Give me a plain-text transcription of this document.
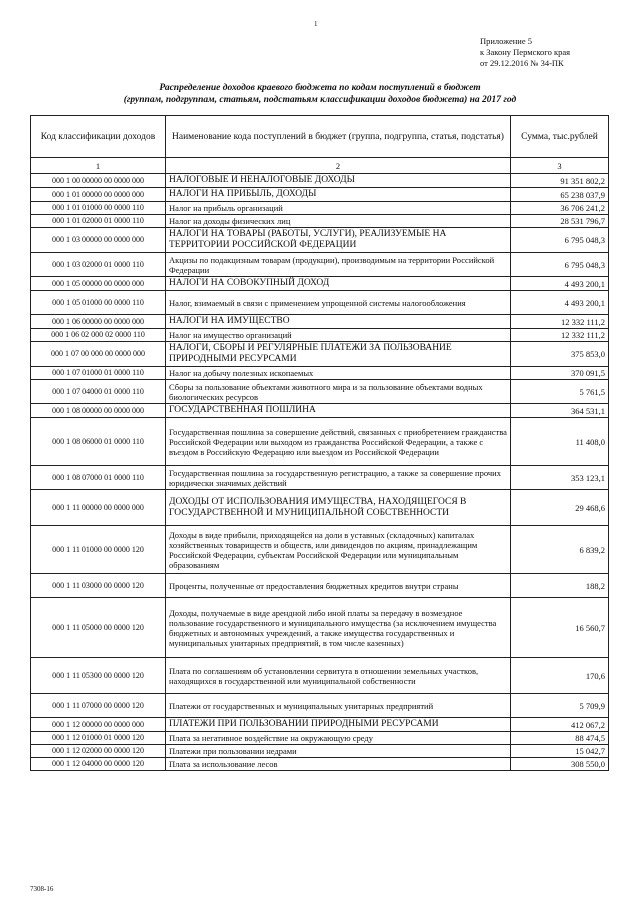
1
Приложение 5
к Закону Пермского края
от 29.12.2016 № 34-ПК
Распределение доходов краевого бюджета по кодам поступлений в бюджет
(группам, подгруппам, статьям, подстатьям классификации доходов бюджета) на 2017 год
Код классификации доходов	Наименование кода поступлений в бюджет (группа, подгруппа, статья, подстатья)	Сумма, тыс.рублей
1	2	3
000 1 00 00000 00 0000 000	НАЛОГОВЫЕ И НЕНАЛОГОВЫЕ ДОХОДЫ	91 351 802,2
000 1 01 00000 00 0000 000	НАЛОГИ НА ПРИБЫЛЬ, ДОХОДЫ	65 238 037,9
000 1 01 01000 00 0000 110	Налог на прибыль организаций	36 706 241,2
000 1 01 02000 01 0000 110	Налог на доходы физических лиц	28 531 796,7
000 1 03 00000 00 0000 000	НАЛОГИ НА ТОВАРЫ (РАБОТЫ, УСЛУГИ), РЕАЛИЗУЕМЫЕ НА ТЕРРИТОРИИ РОССИЙСКОЙ ФЕДЕРАЦИИ	6 795 048,3
000 1 03 02000 01 0000 110	Акцизы по подакцизным товарам (продукции), производимым на территории Российской Федерации	6 795 048,3
000 1 05 00000 00 0000 000	НАЛОГИ НА СОВОКУПНЫЙ ДОХОД	4 493 200,1
000 1 05 01000 00 0000 110	Налог, взимаемый в связи с применением упрощенной системы налогообложения	4 493 200,1
000 1 06 00000 00 0000 000	НАЛОГИ НА ИМУЩЕСТВО	12 332 111,2
000 1 06 02 000 02 0000 110	Налог на имущество организаций	12 332 111,2
000 1 07 00 000 00 0000 000	НАЛОГИ, СБОРЫ И РЕГУЛЯРНЫЕ ПЛАТЕЖИ ЗА ПОЛЬЗОВАНИЕ ПРИРОДНЫМИ РЕСУРСАМИ	375 853,0
000 1 07 01000 01 0000 110	Налог на добычу полезных ископаемых	370 091,5
000 1 07 04000 01 0000 110	Сборы за пользование объектами животного мира и за пользование объектами водных биологических ресурсов	5 761,5
000 1 08 00000 00 0000 000	ГОСУДАРСТВЕННАЯ ПОШЛИНА	364 531,1
000 1 08 06000 01 0000 110	Государственная пошлина за совершение действий, связанных с приобретением гражданства Российской Федерации или выходом из гражданства Российской Федерации, а также с въездом в Российскую Федерацию или выездом из Российской Федерации	11 408,0
000 1 08 07000 01 0000 110	Государственная пошлина за государственную регистрацию, а также за совершение прочих юридически значимых действий	353 123,1
000 1 11 00000 00 0000 000	ДОХОДЫ ОТ ИСПОЛЬЗОВАНИЯ ИМУЩЕСТВА, НАХОДЯЩЕГОСЯ В ГОСУДАРСТВЕННОЙ И МУНИЦИПАЛЬНОЙ СОБСТВЕННОСТИ	29 468,6
000 1 11 01000 00 0000 120	Доходы в виде прибыли, приходящейся на доли в уставных (складочных) капиталах хозяйственных товариществ и обществ, или дивидендов по акциям, принадлежащим Российской Федерации, субъектам Российской Федерации или муниципальным образованиям	6 839,2
000 1 11 03000 00 0000 120	Проценты, полученные от предоставления бюджетных кредитов внутри страны	188,2
000 1 11 05000 00 0000 120	Доходы, получаемые в виде арендной либо иной платы за передачу в возмездное пользование государственного и муниципального имущества (за исключением имущества бюджетных и автономных учреждений, а также имущества государственных и муниципальных унитарных предприятий, в том числе казенных)	16 560,7
000 1 11 05300 00 0000 120	Плата по соглашениям об установлении сервитута в отношении земельных участков, находящихся в государственной или муниципальной собственности	170,6
000 1 11 07000 00 0000 120	Платежи от государственных и муниципальных унитарных предприятий	5 709,9
000 1 12 00000 00 0000 000	ПЛАТЕЖИ ПРИ ПОЛЬЗОВАНИИ ПРИРОДНЫМИ РЕСУРСАМИ	412 067,2
000 1 12 01000 01 0000 120	Плата за негативное воздействие на окружающую среду	88 474,5
000 1 12 02000 00 0000 120	Платежи при пользовании недрами	15 042,7
000 1 12 04000 00 0000 120	Плата за использование лесов	308 550,0
7308-16
